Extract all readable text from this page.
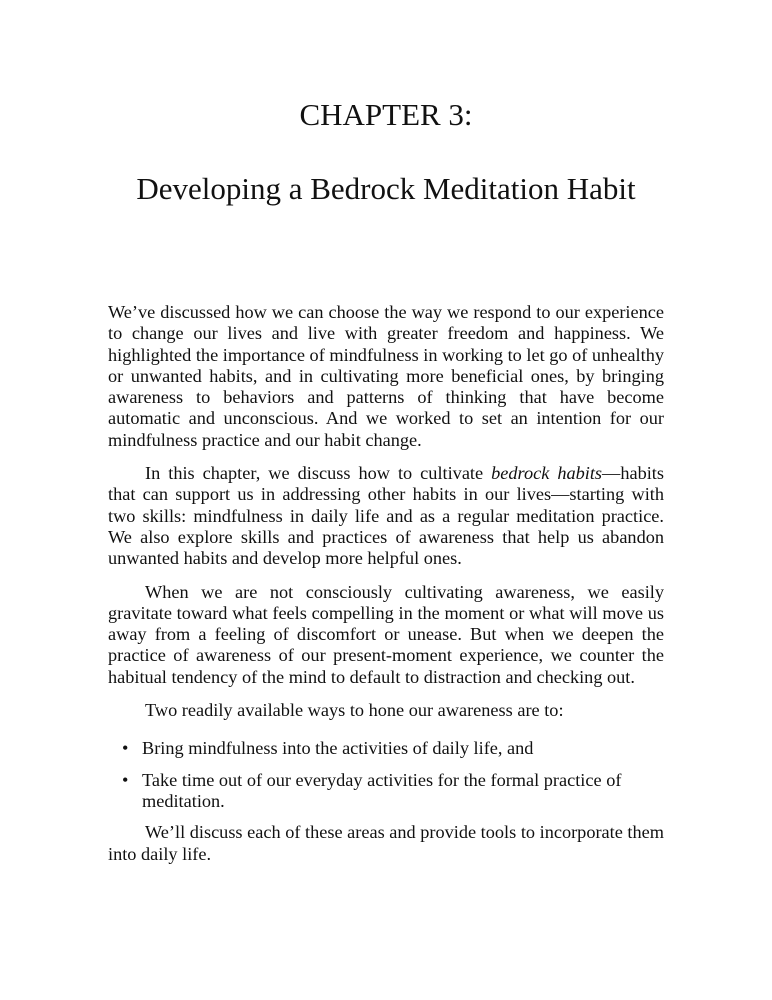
CHAPTER 3:
Developing a Bedrock Meditation Habit

We’ve discussed how we can choose the way we respond to our experience to change our lives and live with greater freedom and happiness. We highlighted the importance of mindfulness in working to let go of unhealthy or unwanted habits, and in cultivating more beneficial ones, by bringing awareness to behaviors and patterns of thinking that have become automatic and unconscious. And we worked to set an intention for our mindfulness practice and our habit change.

In this chapter, we discuss how to cultivate bedrock habits—habits that can support us in addressing other habits in our lives—starting with two skills: mindfulness in daily life and as a regular meditation practice. We also explore skills and practices of awareness that help us abandon unwanted habits and develop more helpful ones.

When we are not consciously cultivating awareness, we easily gravitate toward what feels compelling in the moment or what will move us away from a feeling of discomfort or unease. But when we deepen the practice of awareness of our present-moment experience, we counter the habitual tendency of the mind to default to distraction and checking out.

Two readily available ways to hone our awareness are to:

• Bring mindfulness into the activities of daily life, and
• Take time out of our everyday activities for the formal practice of meditation.

We’ll discuss each of these areas and provide tools to incorporate them into daily life.
